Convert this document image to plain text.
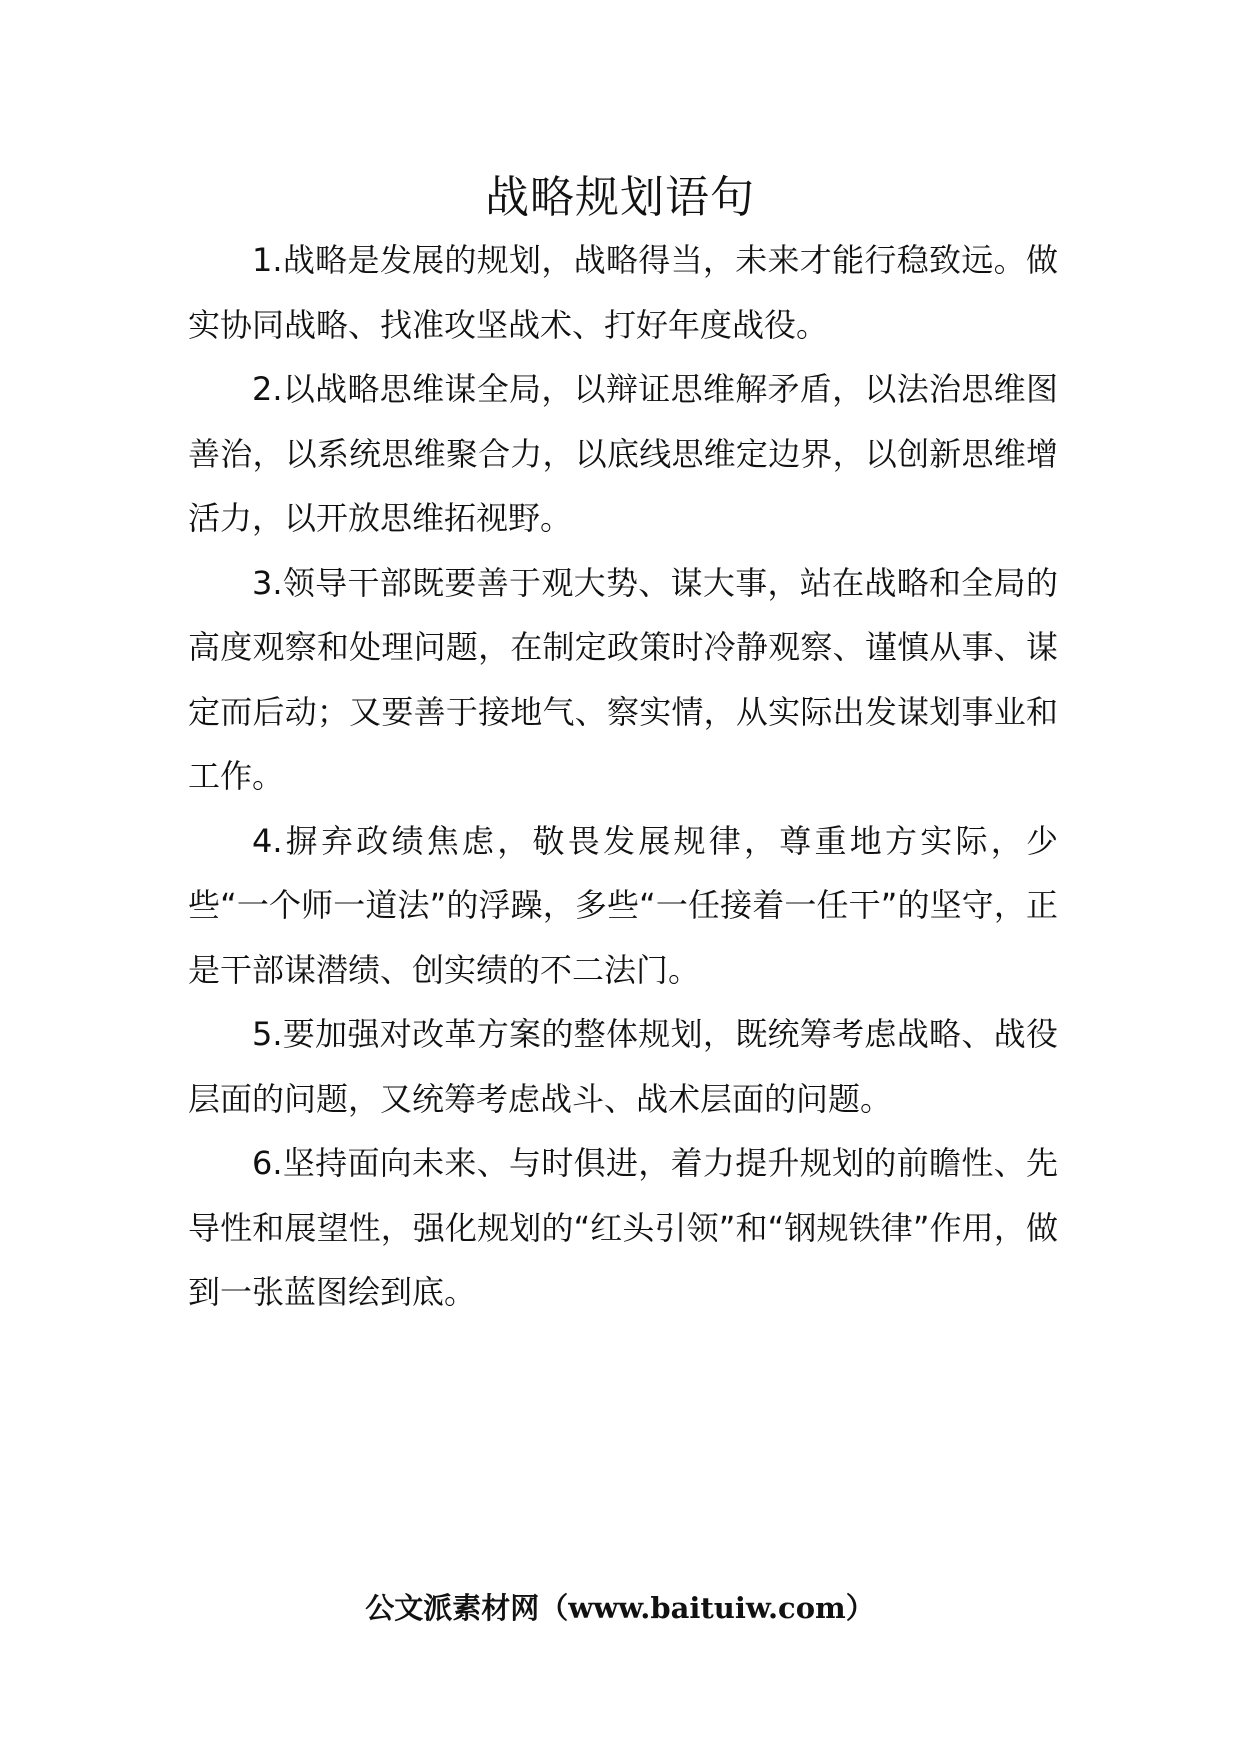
战略规划语句

1.战略是发展的规划，战略得当，未来才能行稳致远。做实协同战略、找准攻坚战术、打好年度战役。

2.以战略思维谋全局，以辩证思维解矛盾，以法治思维图善治，以系统思维聚合力，以底线思维定边界，以创新思维增活力，以开放思维拓视野。

3.领导干部既要善于观大势、谋大事，站在战略和全局的高度观察和处理问题，在制定政策时冷静观察、谨慎从事、谋定而后动；又要善于接地气、察实情，从实际出发谋划事业和工作。

4.摒弃政绩焦虑，敬畏发展规律，尊重地方实际，少些“一个师一道法”的浮躁，多些“一任接着一任干”的坚守，正是干部谋潜绩、创实绩的不二法门。

5.要加强对改革方案的整体规划，既统筹考虑战略、战役层面的问题，又统筹考虑战斗、战术层面的问题。

6.坚持面向未来、与时俱进，着力提升规划的前瞻性、先导性和展望性，强化规划的“红头引领”和“钢规铁律”作用，做到一张蓝图绘到底。

公文派素材网（www.baituiw.com）
